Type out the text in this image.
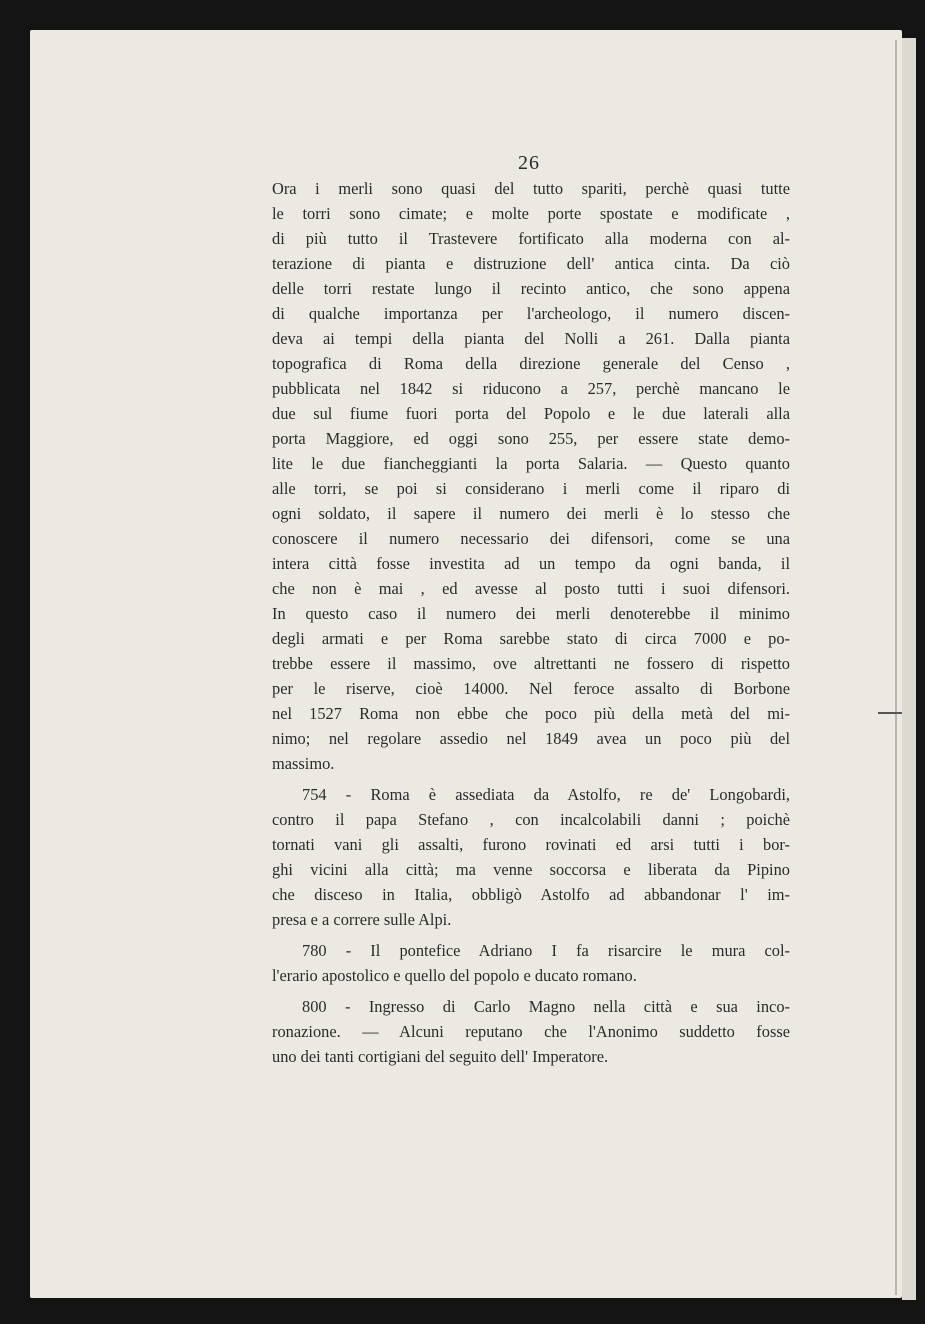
26
Ora i merli sono quasi del tutto spariti, perchè quasi tutte
le torri sono cimate; e molte porte spostate e modificate ,
di più tutto il Trastevere fortificato alla moderna con al-
terazione di pianta e distruzione dell' antica cinta. Da ciò
delle torri restate lungo il recinto antico, che sono appena
di qualche importanza per l'archeologo, il numero discen-
deva ai tempi della pianta del Nolli a 261. Dalla pianta
topografica di Roma della direzione generale del Censo ,
pubblicata nel 1842 si riducono a 257, perchè mancano le
due sul fiume fuori porta del Popolo e le due laterali alla
porta Maggiore, ed oggi sono 255, per essere state demo-
lite le due fiancheggianti la porta Salaria. — Questo quanto
alle torri, se poi si considerano i merli come il riparo di
ogni soldato, il sapere il numero dei merli è lo stesso che
conoscere il numero necessario dei difensori, come se una
intera città fosse investita ad un tempo da ogni banda, il
che non è mai , ed avesse al posto tutti i suoi difensori.
In questo caso il numero dei merli denoterebbe il minimo
degli armati e per Roma sarebbe stato di circa 7000 e po-
trebbe essere il massimo, ove altrettanti ne fossero di rispetto
per le riserve, cioè 14000. Nel feroce assalto di Borbone
nel 1527 Roma non ebbe che poco più della metà del mi-
nimo; nel regolare assedio nel 1849 avea un poco più del
massimo.
754 - Roma è assediata da Astolfo, re de' Longobardi,
contro il papa Stefano , con incalcolabili danni ; poichè
tornati vani gli assalti, furono rovinati ed arsi tutti i bor-
ghi vicini alla città; ma venne soccorsa e liberata da Pipino
che disceso in Italia, obbligò Astolfo ad abbandonar l' im-
presa e a correre sulle Alpi.
780 - Il pontefice Adriano I fa risarcire le mura col-
l'erario apostolico e quello del popolo e ducato romano.
800 - Ingresso di Carlo Magno nella città e sua inco-
ronazione. — Alcuni reputano che l'Anonimo suddetto fosse
uno dei tanti cortigiani del seguito dell' Imperatore.
